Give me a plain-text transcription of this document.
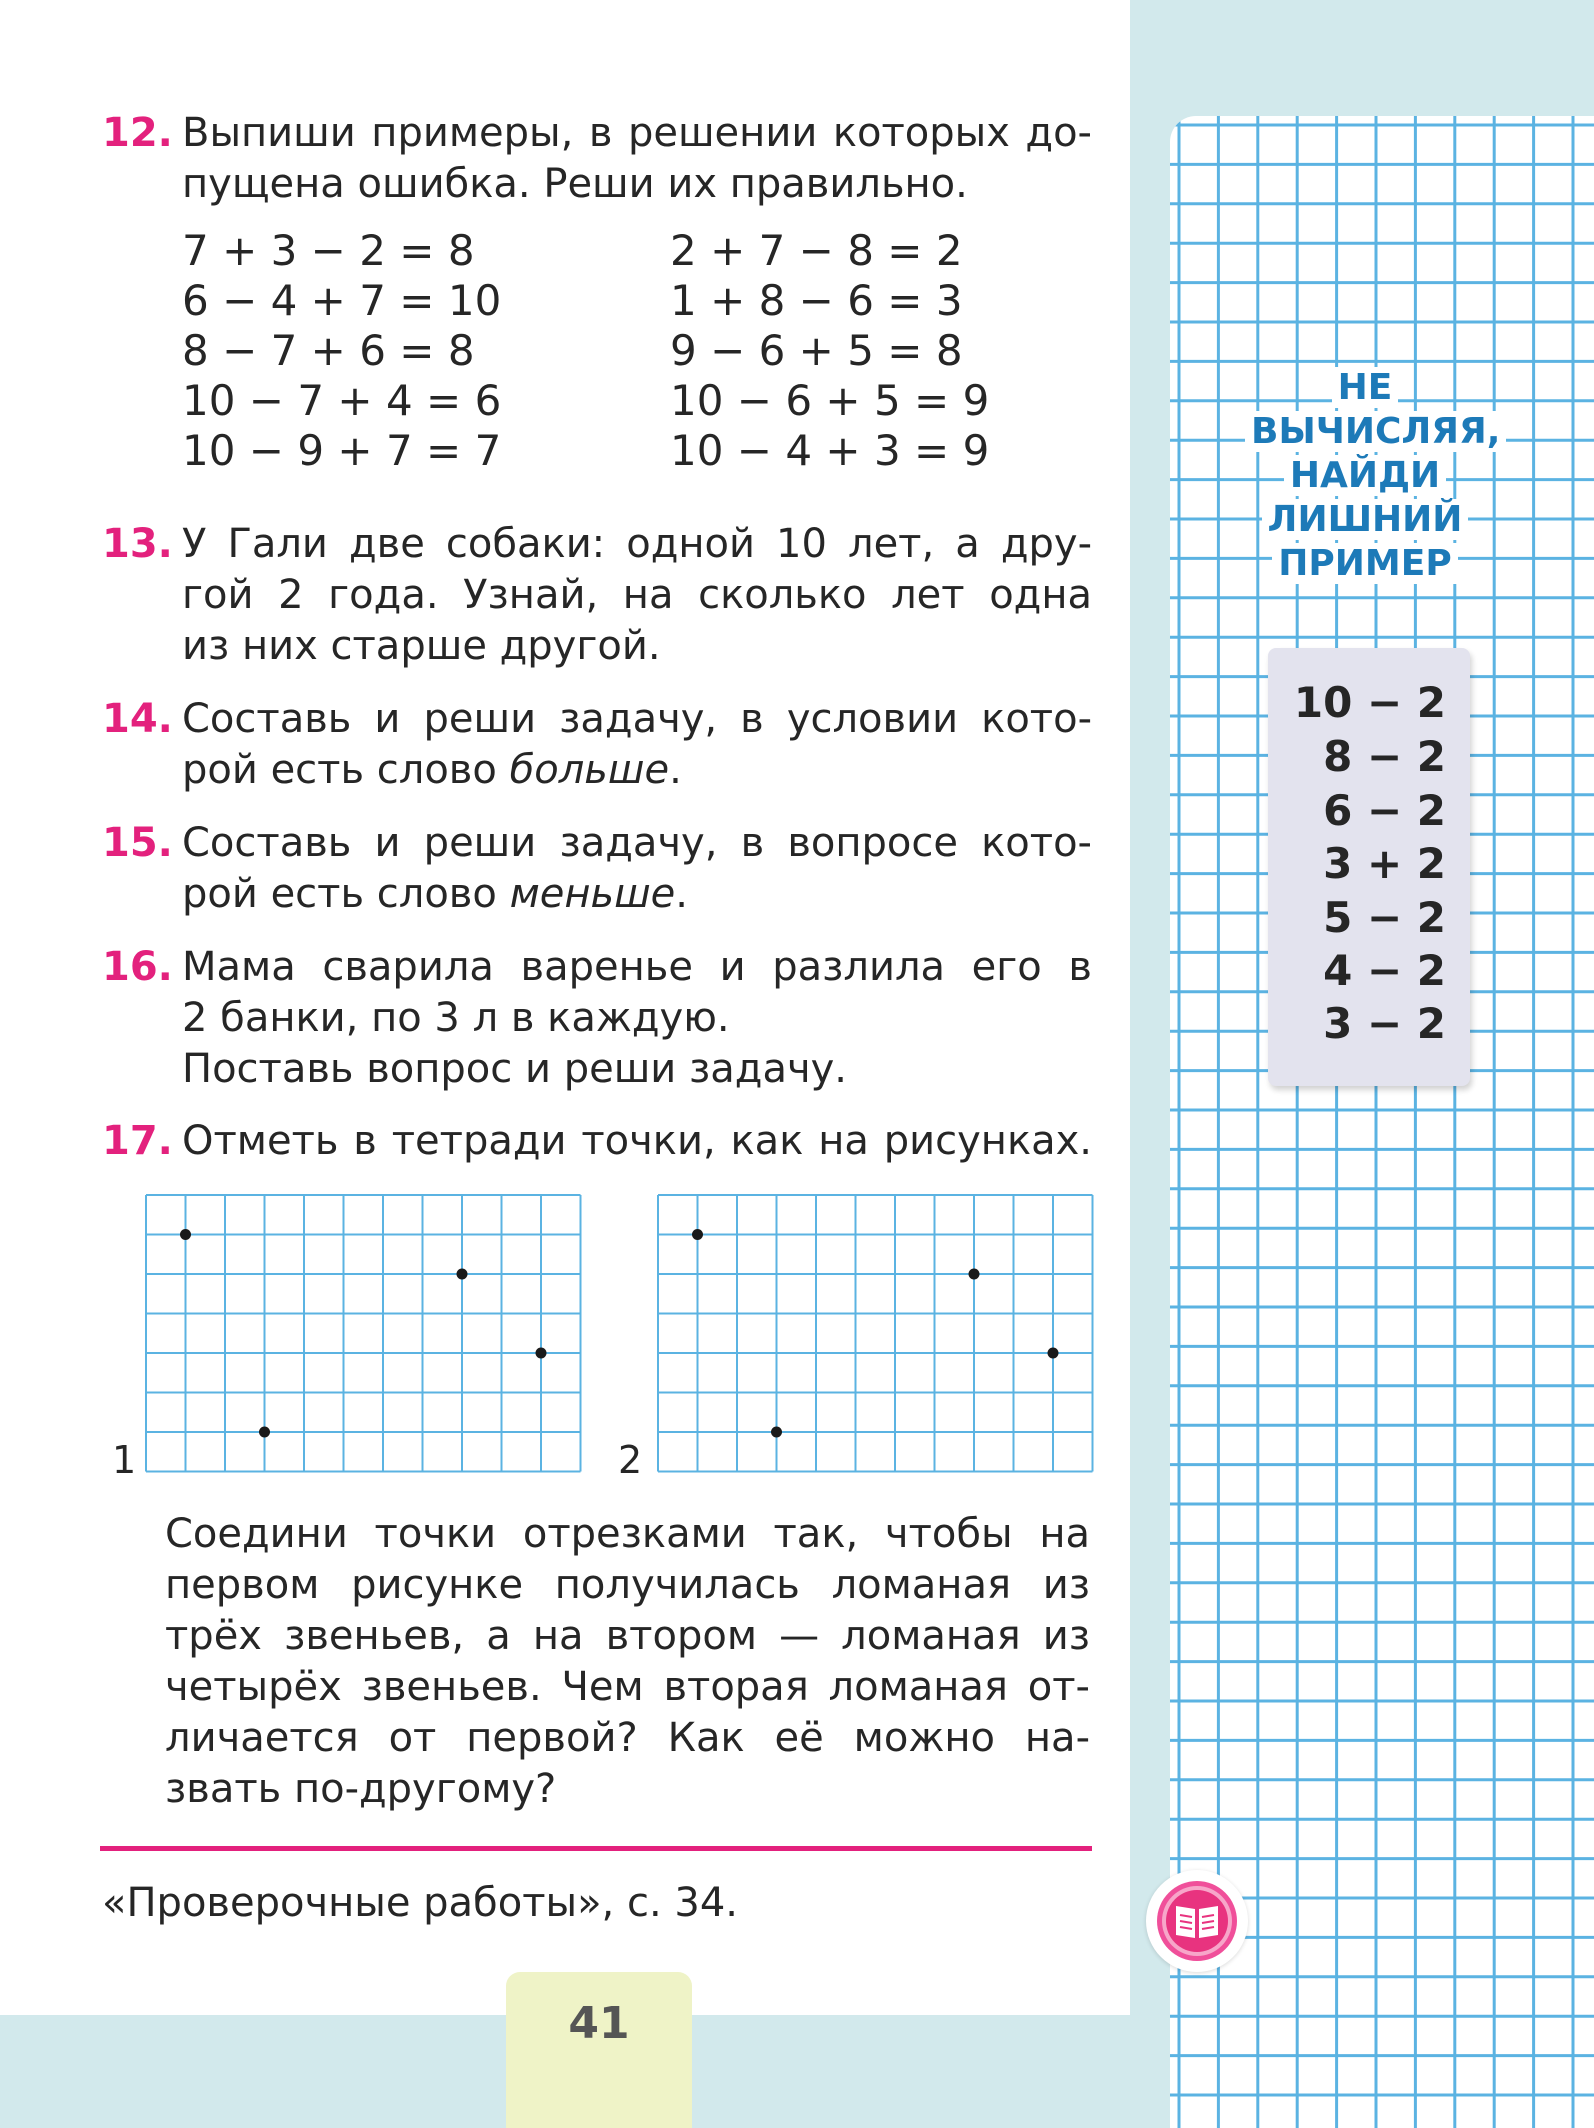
12. Выпиши примеры, в решении которых до-
пущена ошибка. Реши их правильно.
7 + 3 − 2 = 8
6 − 4 + 7 = 10
8 − 7 + 6 = 8
10 − 7 + 4 = 6
10 − 9 + 7 = 7
2 + 7 − 8 = 2
1 + 8 − 6 = 3
9 − 6 + 5 = 8
10 − 6 + 5 = 9
10 − 4 + 3 = 9
13. У Гали две собаки: одной 10 лет, а дру-
гой 2 года. Узнай, на сколько лет одна
из них старше другой.
14. Составь и реши задачу, в условии кото-
рой есть слово больше.
15. Составь и реши задачу, в вопросе кото-
рой есть слово меньше.
16. Мама сварила варенье и разлила его в
2 банки, по 3 л в каждую.
Поставь вопрос и реши задачу.
17. Отметь в тетради точки, как на рисунках.
1	2
Соедини точки отрезками так, чтобы на
первом рисунке получилась ломаная из
трёх звеньев, а на втором — ломаная из
четырёх звеньев. Чем вторая ломаная от-
личается от первой? Как её можно на-
звать по-другому?
«Проверочные работы», с. 34.
41
НЕ
ВЫЧИСЛЯЯ,
НАЙДИ
ЛИШНИЙ
ПРИМЕР
10 − 2
8 − 2
6 − 2
3 + 2
5 − 2
4 − 2
3 − 2
